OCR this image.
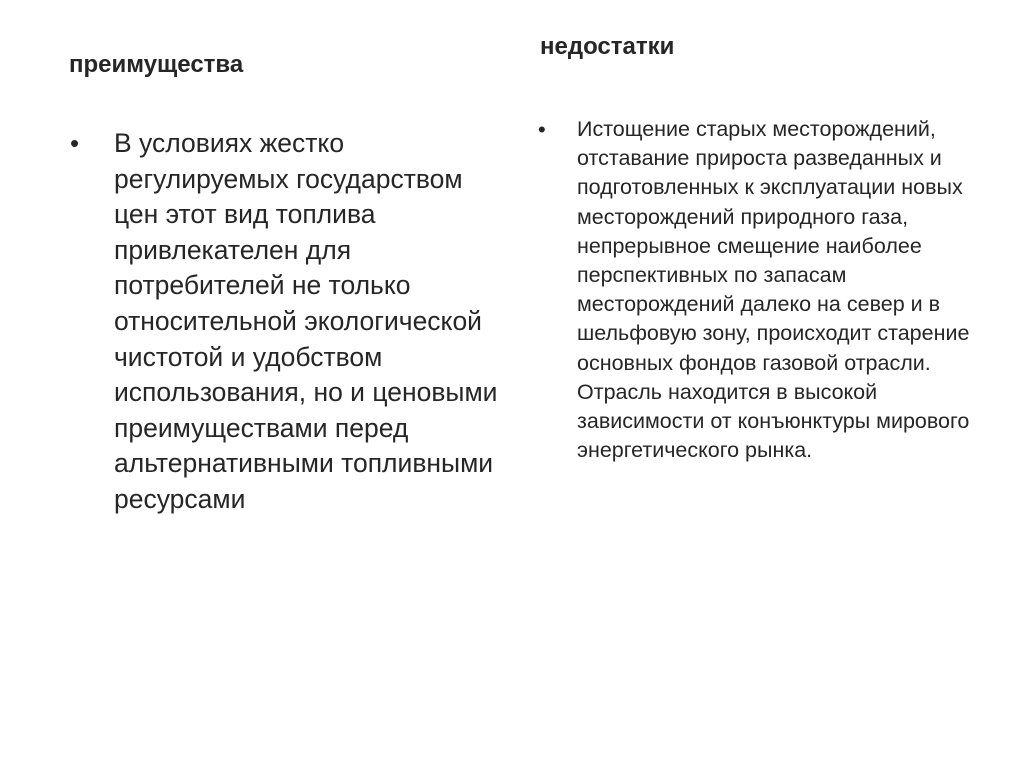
преимущества
недостатки
•	В условиях жестко регулируемых государством цен этот вид топлива привлекателен для потребителей не только относительной экологической чистотой и удобством использования, но и ценовыми преимуществами перед альтернативными топливными ресурсами
•	Истощение старых месторождений, отставание прироста разведанных и подготовленных к эксплуатации новых месторождений природного газа, непрерывное смещение наиболее перспективных по запасам месторождений далеко на север и в шельфовую зону, происходит старение основных фондов газовой отрасли. Отрасль находится в высокой зависимости от конъюнктуры мирового энергетического рынка.
